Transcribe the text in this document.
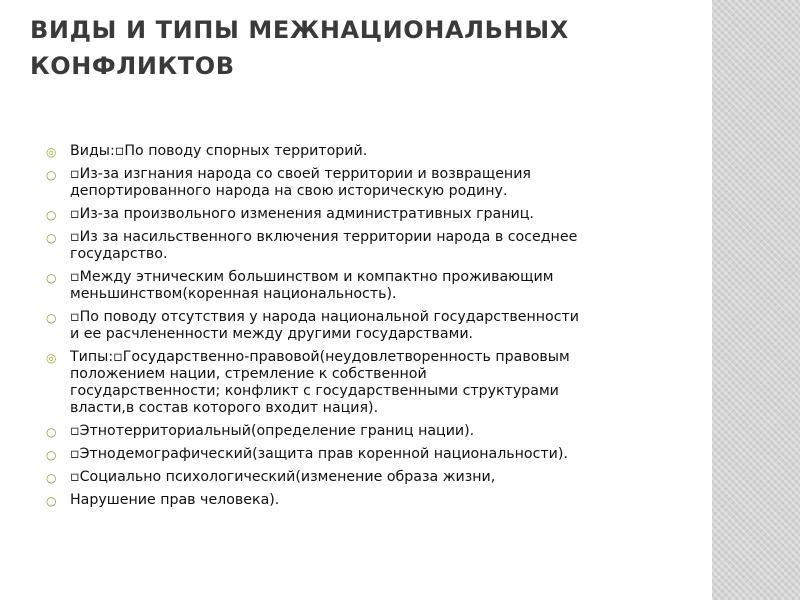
ВИДЫ И ТИПЫ МЕЖНАЦИОНАЛЬНЫХ
КОНФЛИКТОВ
◎ Виды:▫По поводу спорных территорий.
○ ▫Из-за изгнания народа со своей территории и возвращения
депортированного народа на свою историческую родину.
○ ▫Из-за произвольного изменения административных границ.
○ ▫Из за насильственного включения территории народа в соседнее
государство.
○ ▫Между этническим большинством и компактно проживающим
меньшинством(коренная национальность).
○ ▫По поводу отсутствия у народа национальной государственности
и ее расчлененности между другими государствами.
◎ Типы:▫Государственно-правовой(неудовлетворенность правовым
положением нации, стремление к собственной
государственности; конфликт с государственными структурами
власти,в состав которого входит нация).
○ ▫Этнотерриториальный(определение границ нации).
○ ▫Этнодемографический(защита прав коренной национальности).
○ ▫Социально психологический(изменение образа жизни,
○ Нарушение прав человека).
